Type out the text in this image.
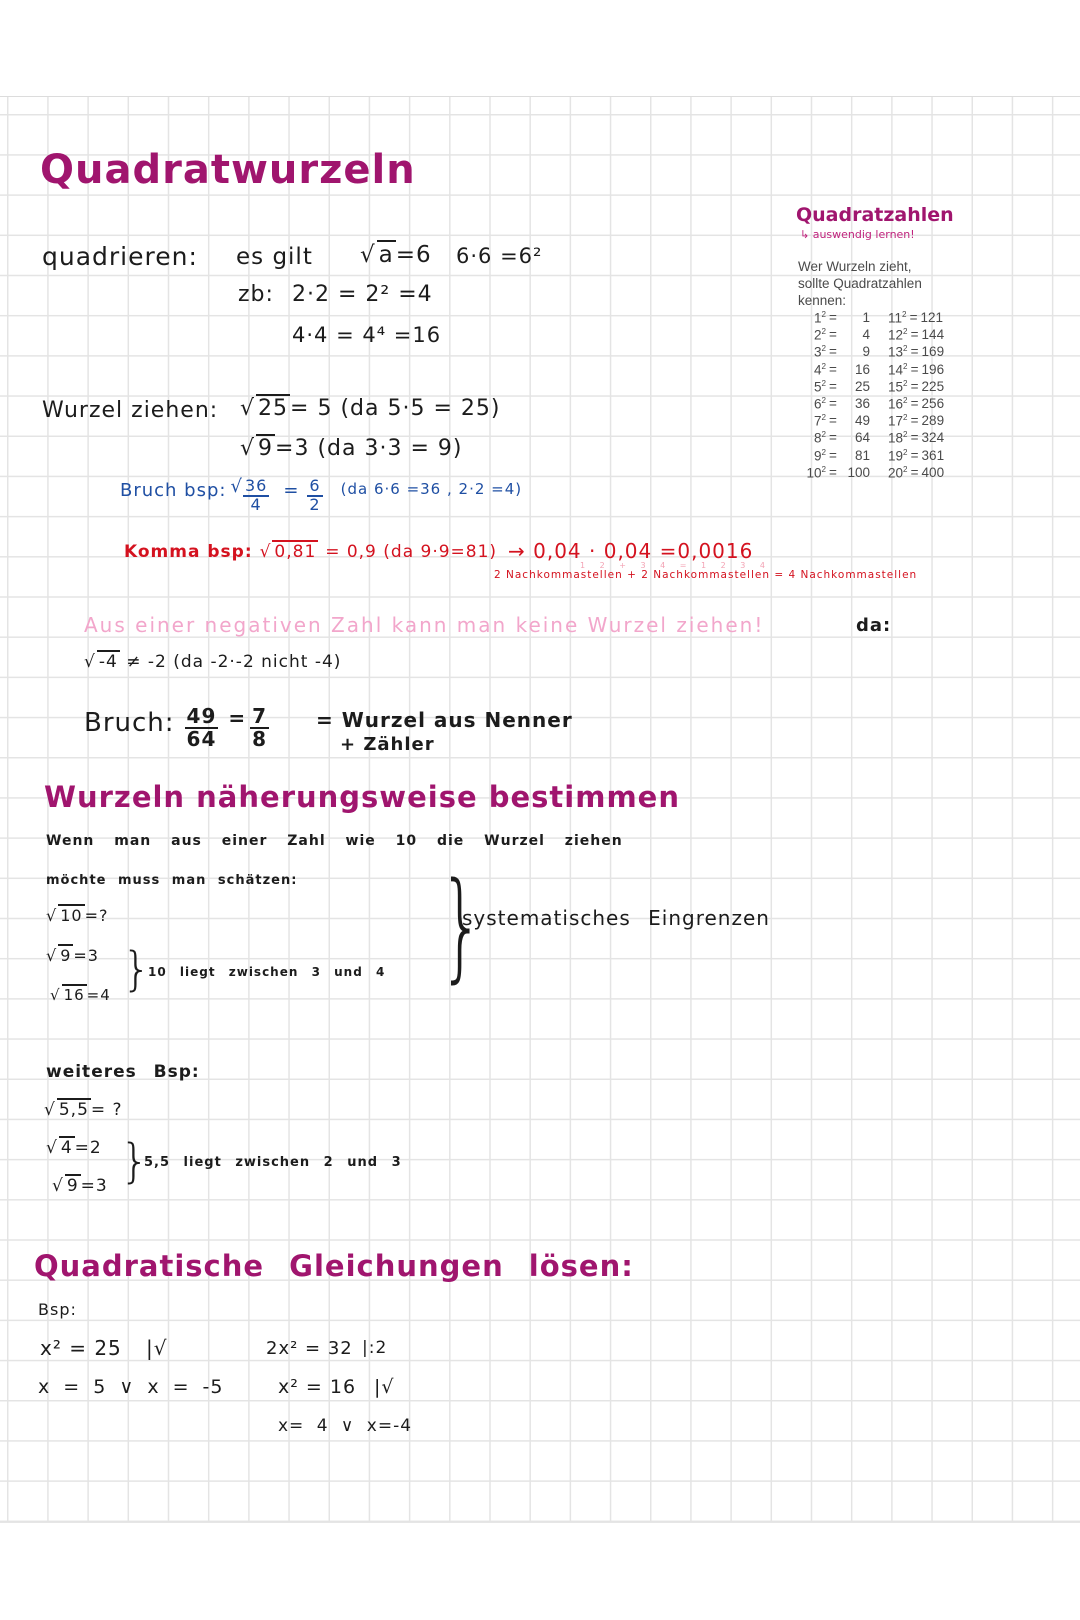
Quadratwurzeln
quadrieren: es gilt √ a=6 6·6 =6²
zb: 2·2 = 2² =4
4·4 = 4⁴ =16
Wurzel ziehen: √ 25= 5 (da 5·5 = 25)
√ 9=3 (da 3·3 = 9)
Bruch bsp: √ $\frac{36}{4} = \frac{6}{2} (da$ 6·6 =36 , 2·2 =4)
Komma bsp: √ 0,81 = 0,9 (da 9·9=81) → 0,04 · 0,04 =0,0016
1 2 + 3 4 = 1 2 3 4
2 Nachkommastellen + 2 Nachkommastellen = 4 Nachkommastellen
Aus einer negativen Zahl kann man keine Wurzel ziehen!	da:
√ -4 ≠ -2 (da -2·-2 nicht -4)
Bruch: $\frac{49}{64} = \frac{7}{8}$ = Wurzel aus Nenner
+ Zähler
Quadratzahlen
↳ auswendig lernen!
Wer Wurzeln zieht,
sollte Quadratzahlen
kennen:
$1^2$ =	1 $11^2 = 121$
$2^2$ =	4 $12^2 = 144$
$3^2$ =	9 $13^2 = 169$
$4^2$ =	16 $14^2 = 196$
$5^2$ =	25 $15^2 = 225$
$6^2$ =	36 $16^2 = 256$
$7^2$ =	49 $17^2 = 289$
$8^2$ =	64 $18^2 = 324$
$9^2$ =	81 $19^2 = 361$
$10^2 = 100$ $20^2 = 400$
Wurzeln näherungsweise bestimmen
Wenn man aus einer Zahl wie 10 die Wurzel ziehen
möchte muss man schätzen:
√ 10 =?
√ 9 =3
√ 16 =4 }
10 liegt zwischen 3 und 4 }
systematisches Eingrenzen
weiteres Bsp:
√ 5,5 = ?
√ 4 =2
√ 9 =3 }
5,5 liegt zwischen 2 und 3
Quadratische Gleichungen lösen:
Bsp:
x² = 25 |√
x = 5 ∨ x = -5
2x² = 32 |:2
x² = 16 |√
x= 4 ∨ x=-4
